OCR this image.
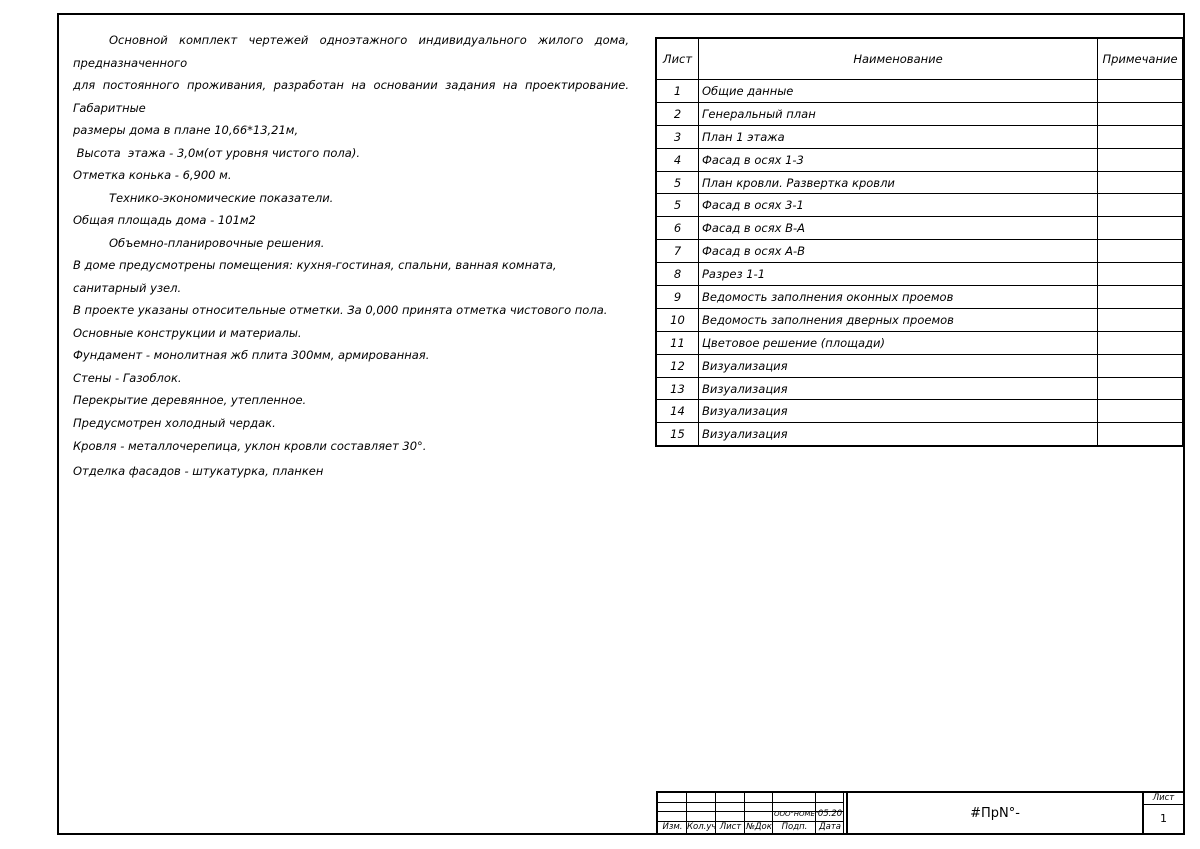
Основной комплект чертежей одноэтажного индивидуального жилого дома, предназначенного

для постоянного проживания, разработан на основании задания на проектирование. Габаритные

размеры дома в плане 10,66*13,21м,

Высота  этажа - 3,0м(от уровня чистого пола).

Отметка конька - 6,900 м.

Технико-экономические показатели.

Общая площадь дома - 101м2

Объемно-планировочные решения.

В доме предусмотрены помещения: кухня-гостиная, спальни, ванная комната, санитарный узел.

В проекте указаны относительные отметки. За 0,000 принята отметка чистового пола.

Основные конструкции и материалы.

Фундамент - монолитная жб плита 300мм, армированная.

Стены - Газоблок.

Перекрытие деревянное, утепленное.

Предусмотрен холодный чердак.

Кровля - металлочерепица, уклон кровли составляет 30°.

Отделка фасадов - штукатурка, планкен

Лист	Наименование	Примечание
1	Общие данные	
2	Генеральный план	
3	План 1 этажа	
4	Фасад в осях 1-3	
5	План кровли. Развертка кровли	
5	Фасад в осях 3-1	
6	Фасад в осях В-А	
7	Фасад в осях А-В	
8	Разрез 1-1	
9	Ведомость заполнения оконных проемов	
10	Ведомость заполнения дверных проемов	
11	Цветовое решение (площади)	
12	Визуализация	
13	Визуализация	
14	Визуализация	
15	Визуализация	
ООО"НОМЕ" 05.20
Изм. Кол.уч Лист №Док	Подп.	Дата
#ПрN°-
Лист
1
